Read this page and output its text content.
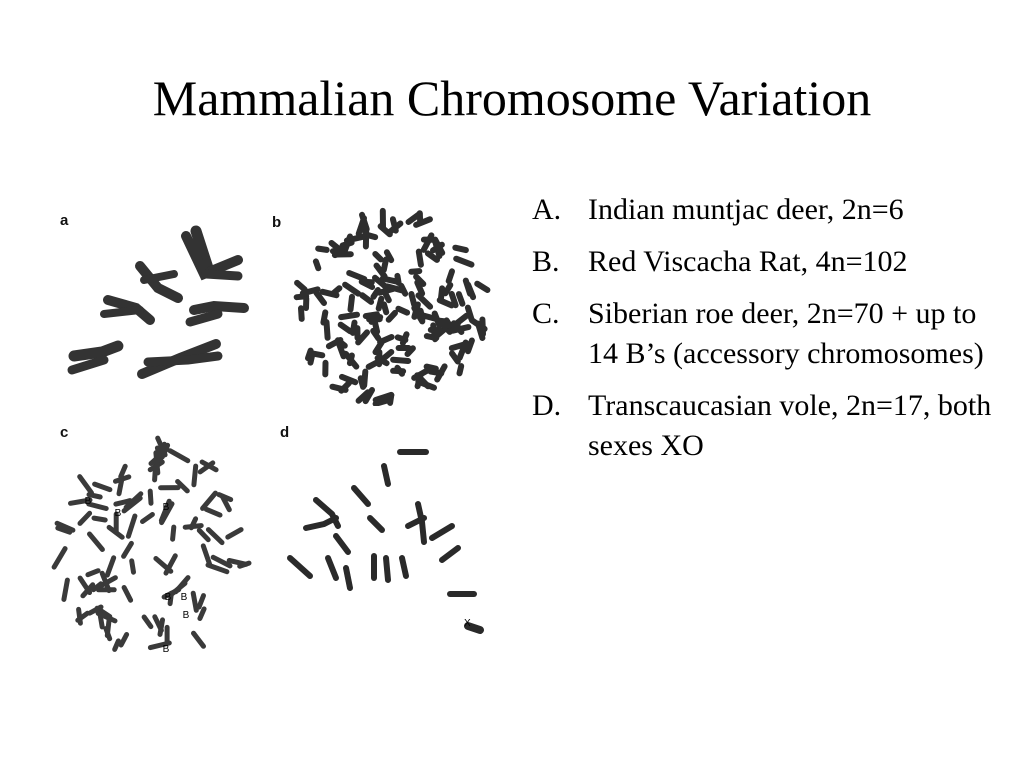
Mammalian Chromosome Variation
a	b
c
B
B
B
B B
B
B
d
X
A. Indian muntjac deer, 2n=6
B. Red Viscacha Rat, 4n=102
C. Siberian roe deer, 2n=70 + up to 14 B’s (accessory chromosomes)
D. Transcaucasian vole, 2n=17, both sexes XO
